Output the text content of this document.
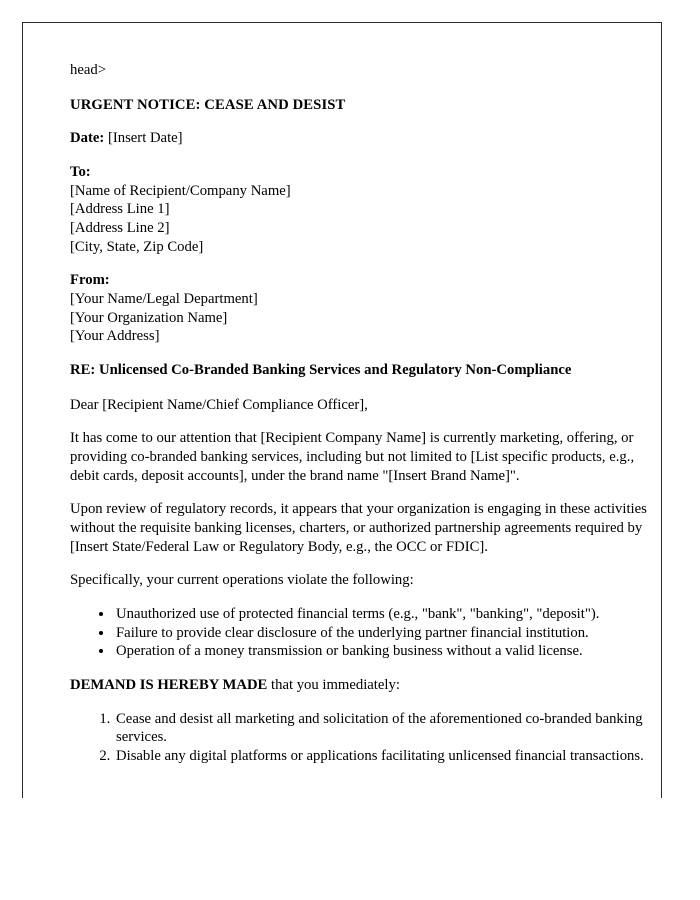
head>

URGENT NOTICE: CEASE AND DESIST

Date: [Insert Date]

To:

[Name of Recipient/Company Name]

[Address Line 1]

[Address Line 2]

[City, State, Zip Code]

From:

[Your Name/Legal Department]

[Your Organization Name]

[Your Address]

RE: Unlicensed Co-Branded Banking Services and Regulatory Non-Compliance

Dear [Recipient Name/Chief Compliance Officer],

It has come to our attention that [Recipient Company Name] is currently marketing, offering, or providing co-branded banking services, including but not limited to [List specific products, e.g., debit cards, deposit accounts], under the brand name "[Insert Brand Name]".

Upon review of regulatory records, it appears that your organization is engaging in these activities without the requisite banking licenses, charters, or authorized partnership agreements required by [Insert State/Federal Law or Regulatory Body, e.g., the OCC or FDIC].

Specifically, your current operations violate the following:

• Unauthorized use of protected financial terms (e.g., "bank", "banking", "deposit").
• Failure to provide clear disclosure of the underlying partner financial institution.
• Operation of a money transmission or banking business without a valid license.

DEMAND IS HEREBY MADE that you immediately:

1. Cease and desist all marketing and solicitation of the aforementioned co-branded banking services.
2. Disable any digital platforms or applications facilitating unlicensed financial transactions.
